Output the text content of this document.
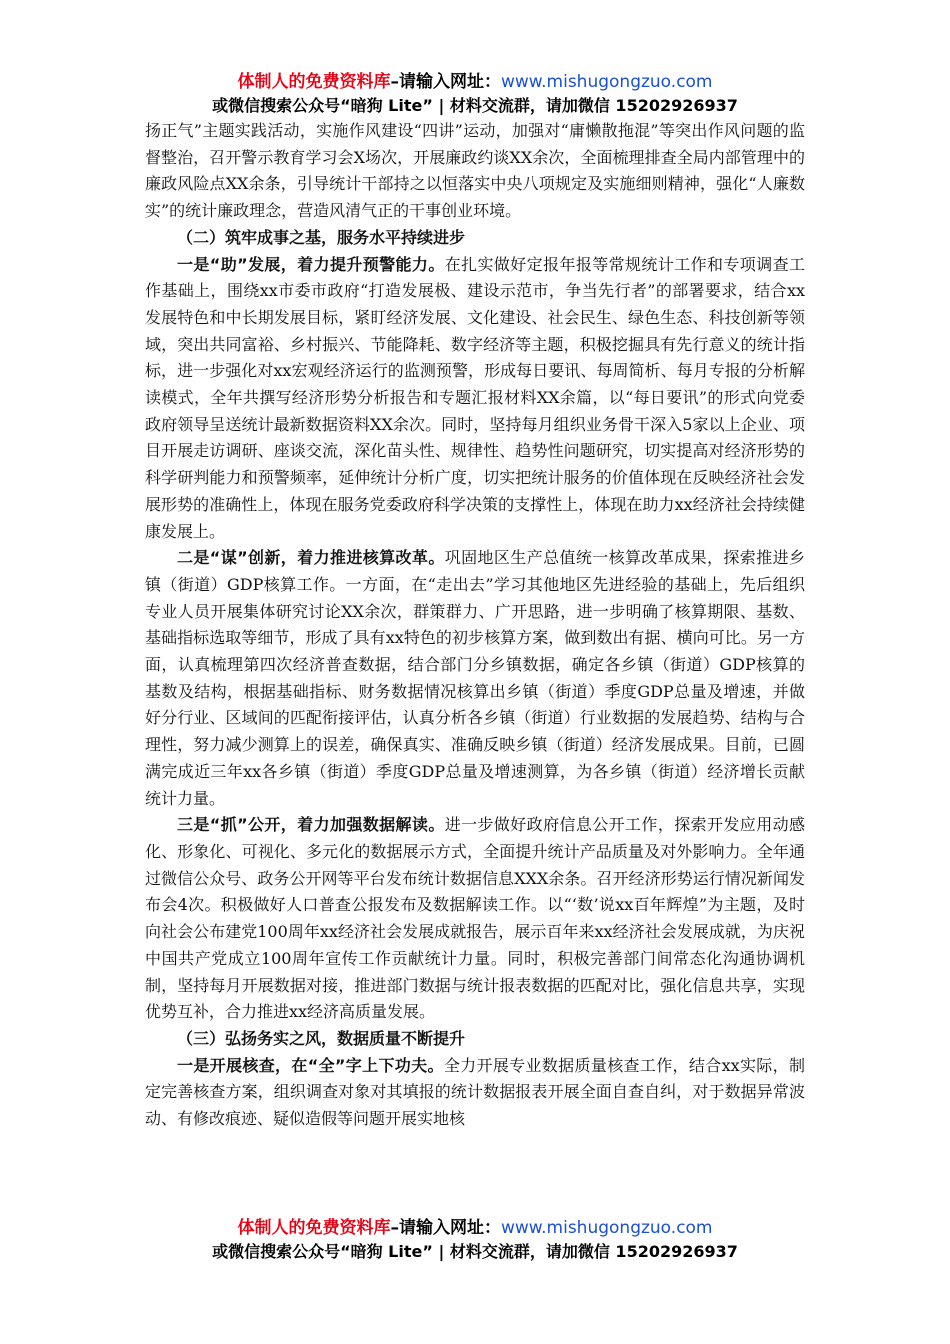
体制人的免费资料库–请输入网址：www.mishugongzuo.com
或微信搜索公众号“暗狗 Lite” | 材料交流群，请加微信 15202926937

扬正气”主题实践活动，实施作风建设“四讲”运动，加强对“庸懒散拖混”等突出作风问题的监督整治，召开警示教育学习会X场次，开展廉政约谈XX余次，全面梳理排查全局内部管理中的廉政风险点XX余条，引导统计干部持之以恒落实中央八项规定及实施细则精神，强化“人廉数实”的统计廉政理念，营造风清气正的干事创业环境。

（二）筑牢成事之基，服务水平持续进步

一是“助”发展，着力提升预警能力。在扎实做好定报年报等常规统计工作和专项调查工作基础上，围绕xx市委市政府“打造发展极、建设示范市，争当先行者”的部署要求，结合xx发展特色和中长期发展目标，紧盯经济发展、文化建设、社会民生、绿色生态、科技创新等领域，突出共同富裕、乡村振兴、节能降耗、数字经济等主题，积极挖掘具有先行意义的统计指标，进一步强化对xx宏观经济运行的监测预警，形成每日要讯、每周简析、每月专报的分析解读模式，全年共撰写经济形势分析报告和专题汇报材料XX余篇，以“每日要讯”的形式向党委政府领导呈送统计最新数据资料XX余次。同时，坚持每月组织业务骨干深入5家以上企业、项目开展走访调研、座谈交流，深化苗头性、规律性、趋势性问题研究，切实提高对经济形势的科学研判能力和预警频率，延伸统计分析广度，切实把统计服务的价值体现在反映经济社会发展形势的准确性上，体现在服务党委政府科学决策的支撑性上，体现在助力xx经济社会持续健康发展上。

二是“谋”创新，着力推进核算改革。巩固地区生产总值统一核算改革成果，探索推进乡镇（街道）GDP核算工作。一方面，在“走出去”学习其他地区先进经验的基础上，先后组织专业人员开展集体研究讨论XX余次，群策群力、广开思路，进一步明确了核算期限、基数、基础指标选取等细节，形成了具有xx特色的初步核算方案，做到数出有据、横向可比。另一方面，认真梳理第四次经济普查数据，结合部门分乡镇数据，确定各乡镇（街道）GDP核算的基数及结构，根据基础指标、财务数据情况核算出乡镇（街道）季度GDP总量及增速，并做好分行业、区域间的匹配衔接评估，认真分析各乡镇（街道）行业数据的发展趋势、结构与合理性，努力减少测算上的误差，确保真实、准确反映乡镇（街道）经济发展成果。目前，已圆满完成近三年xx各乡镇（街道）季度GDP总量及增速测算，为各乡镇（街道）经济增长贡献统计力量。

三是“抓”公开，着力加强数据解读。进一步做好政府信息公开工作，探索开发应用动感化、形象化、可视化、多元化的数据展示方式，全面提升统计产品质量及对外影响力。全年通过微信公众号、政务公开网等平台发布统计数据信息XXX余条。召开经济形势运行情况新闻发布会4次。积极做好人口普查公报发布及数据解读工作。以“‘数’说xx百年辉煌”为主题，及时向社会公布建党100周年xx经济社会发展成就报告，展示百年来xx经济社会发展成就，为庆祝中国共产党成立100周年宣传工作贡献统计力量。同时，积极完善部门间常态化沟通协调机制，坚持每月开展数据对接，推进部门数据与统计报表数据的匹配对比，强化信息共享，实现优势互补，合力推进xx经济高质量发展。

（三）弘扬务实之风，数据质量不断提升

一是开展核查，在“全”字上下功夫。全力开展专业数据质量核查工作，结合xx实际，制定完善核查方案，组织调查对象对其填报的统计数据报表开展全面自查自纠，对于数据异常波动、有修改痕迹、疑似造假等问题开展实地核

体制人的免费资料库–请输入网址：www.mishugongzuo.com
或微信搜索公众号“暗狗 Lite” | 材料交流群，请加微信 15202926937
